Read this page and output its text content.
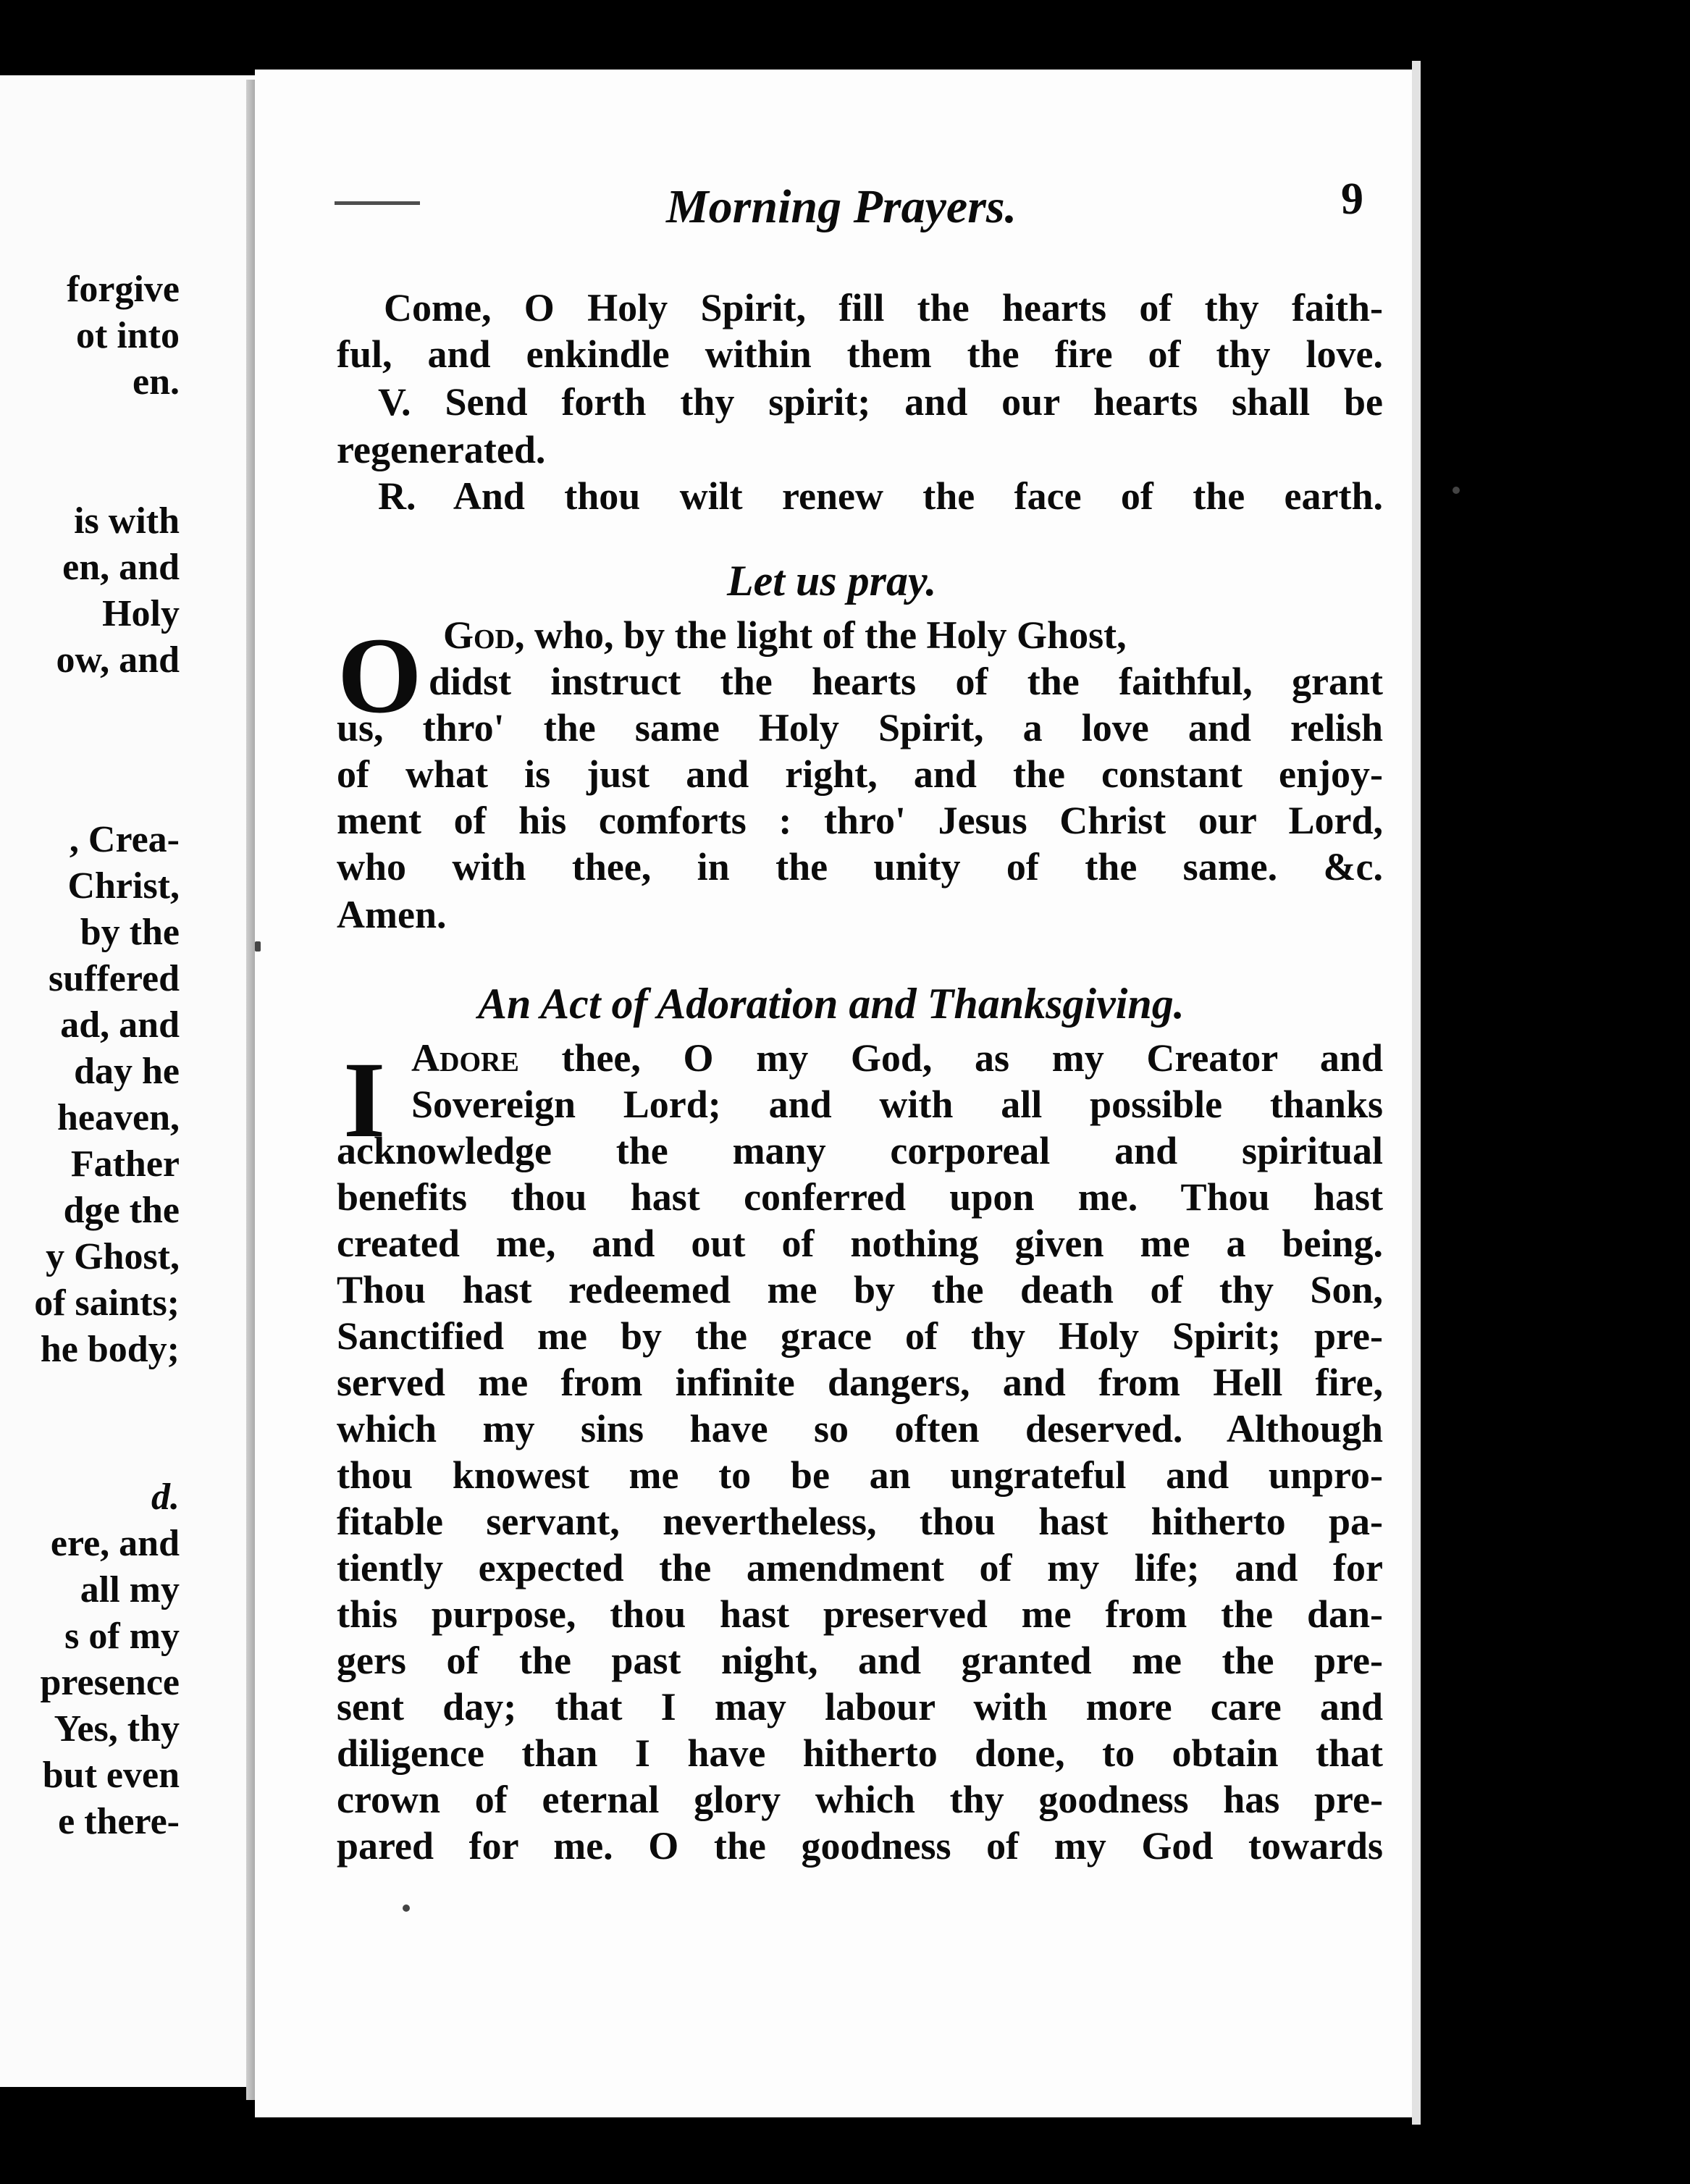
forgive
ot into
en.
is with
en, and
Holy
ow, and
, Crea-
Christ,
by the
suffered
ad, and
day he
heaven,
Father
dge the
y Ghost,
of saints;
he body;
d.
ere, and
all my
s of my
presence
Yes, thy
but even
e there-
Morning Prayers.	9
Come, O Holy Spirit, fill the hearts of thy faith-
ful, and enkindle within them the fire of thy love.
V. Send forth thy spirit; and our hearts shall be
regenerated.
R. And thou wilt renew the face of the earth.
Let us pray.
O God, who, by the light of the Holy Ghost,
didst instruct the hearts of the faithful, grant
us, thro' the same Holy Spirit, a love and relish
of what is just and right, and the constant enjoy-
ment of his comforts : thro' Jesus Christ our Lord,
who with thee, in the unity of the same. &c.
Amen.
An Act of Adoration and Thanksgiving.
I Adore thee, O my God, as my Creator and
Sovereign Lord; and with all possible thanks
acknowledge the many corporeal and spiritual
benefits thou hast conferred upon me. Thou hast
created me, and out of nothing given me a being.
Thou hast redeemed me by the death of thy Son,
Sanctified me by the grace of thy Holy Spirit; pre-
served me from infinite dangers, and from Hell fire,
which my sins have so often deserved. Although
thou knowest me to be an ungrateful and unpro-
fitable servant, nevertheless, thou hast hitherto pa-
tiently expected the amendment of my life; and for
this purpose, thou hast preserved me from the dan-
gers of the past night, and granted me the pre-
sent day; that I may labour with more care and
diligence than I have hitherto done, to obtain that
crown of eternal glory which thy goodness has pre-
pared for me. O the goodness of my God towards
